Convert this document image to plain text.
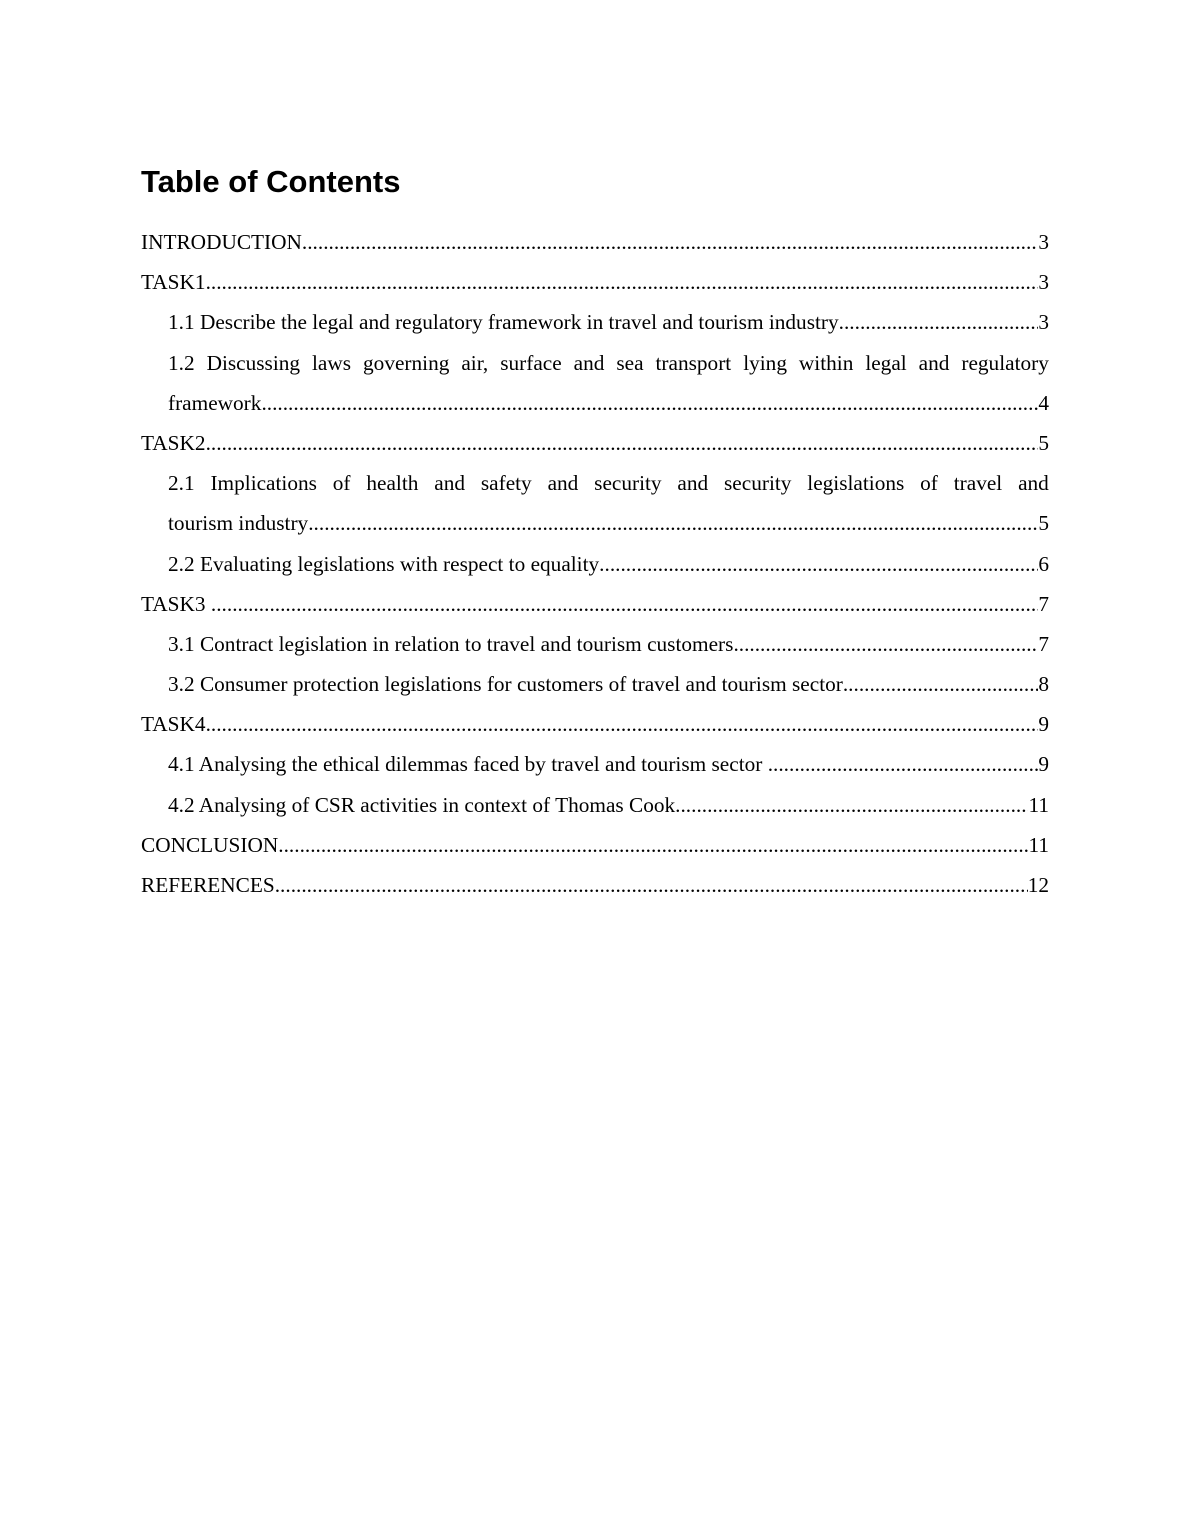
Table of Contents
INTRODUCTION .....	3
TASK1 .....	3
1.1 Describe the legal and regulatory framework in travel and tourism industry .....	3
1.2 Discussing laws governing air, surface and sea transport lying within legal and regulatory
framework .....	4
TASK2 .....	5
2.1 Implications of health and safety and security and security legislations of travel and
tourism industry .....	5
2.2 Evaluating legislations with respect to equality .....	6
TASK3 .....	7
3.1 Contract legislation in relation to travel and tourism customers .....	7
3.2 Consumer protection legislations for customers of travel and tourism sector .....	8
TASK4 .....	9
4.1 Analysing the ethical dilemmas faced by travel and tourism sector .....	9
4.2 Analysing of CSR activities in context of Thomas Cook .....	11
CONCLUSION .....	11
REFERENCES .....	12
